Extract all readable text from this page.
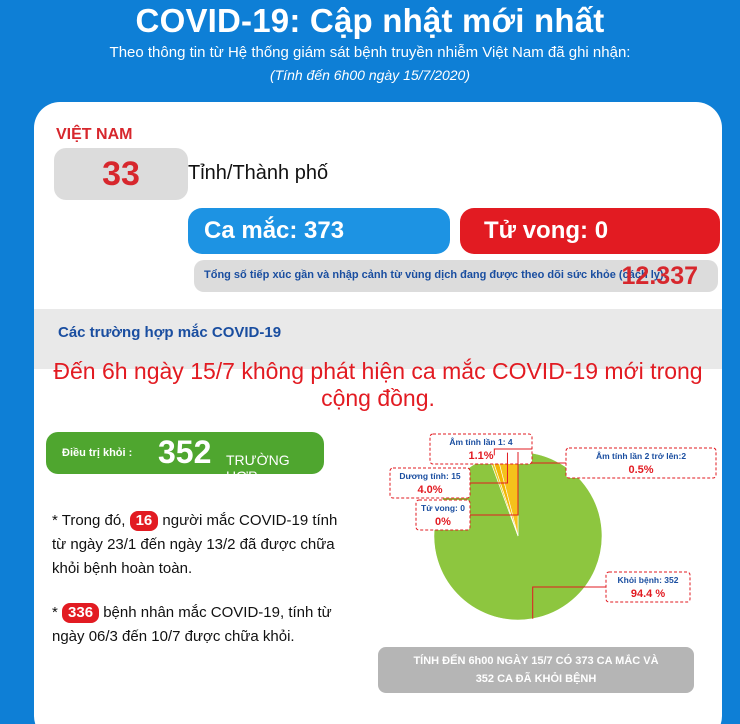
COVID-19: Cập nhật mới nhất
Theo thông tin từ Hệ thống giám sát bệnh truyền nhiễm Việt Nam đã ghi nhận:
(Tính đến 6h00 ngày 15/7/2020)
VIỆT NAM
33	Tỉnh/Thành phố
Ca mắc: 373	Tử vong: 0
Tổng số tiếp xúc gần và nhập cảnh từ vùng dịch đang được theo dõi sức khỏe (cách ly):
12.337
Các trường hợp mắc COVID-19
Đến 6h ngày 15/7 không phát hiện ca mắc COVID-19 mới trong cộng đồng.
Điều trị khỏi : 352 TRƯỜNG HỢP
* Trong đó, 16 người mắc COVID-19 tính từ ngày 23/1 đến ngày 13/2 đã được chữa khỏi bệnh hoàn toàn.
* 336 bệnh nhân mắc COVID-19, tính từ ngày 06/3 đến 10/7 được chữa khỏi.
Khỏi bệnh: 352
94.4 %
Âm tính lần 2 trở lên:2
0.5%
Âm tính lần 1: 4
1.1%
Dương tính: 15
4.0%
Tử vong: 0
0%
TÍNH ĐẾN 6h00 NGÀY 15/7 CÓ 373 CA MẮC VÀ
352 CA ĐÃ KHỎI BỆNH
